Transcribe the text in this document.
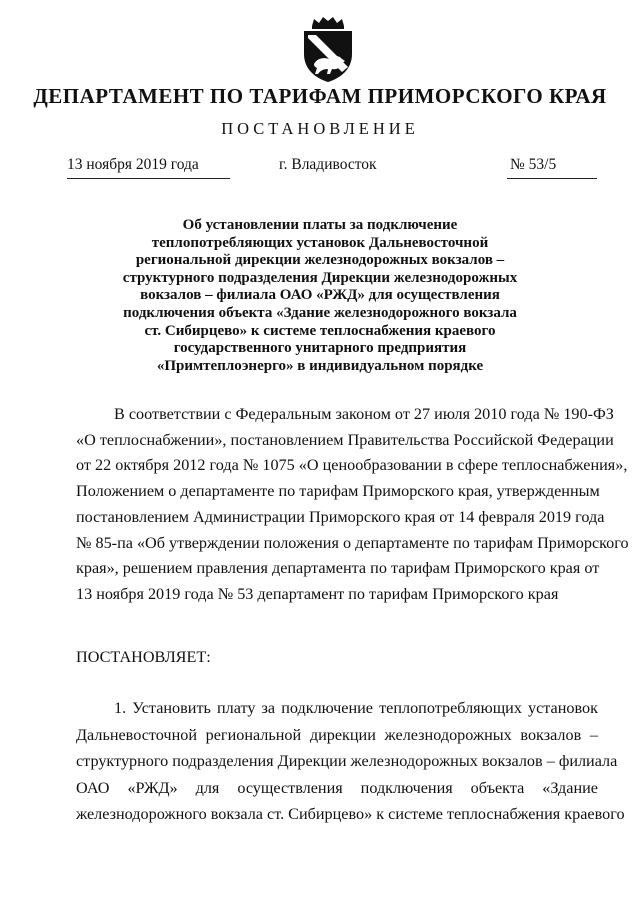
ДЕПАРТАМЕНТ ПО ТАРИФАМ ПРИМОРСКОГО КРАЯ
ПОСТАНОВЛЕНИЕ
13 ноября 2019 года	г. Владивосток	№ 53/5
Об установлении платы за подключение
теплопотребляющих установок Дальневосточной
региональной дирекции железнодорожных вокзалов –
структурного подразделения Дирекции железнодорожных
вокзалов – филиала ОАО «РЖД» для осуществления
подключения объекта «Здание железнодорожного вокзала
ст. Сибирцево» к системе теплоснабжения краевого
государственного унитарного предприятия
«Примтеплоэнерго» в индивидуальном порядке
В соответствии с Федеральным законом от 27 июля 2010 года № 190-ФЗ
«О теплоснабжении», постановлением Правительства Российской Федерации
от 22 октября 2012 года № 1075 «О ценообразовании в сфере теплоснабжения»,
Положением о департаменте по тарифам Приморского края, утвержденным
постановлением Администрации Приморского края от 14 февраля 2019 года
№ 85-па «Об утверждении положения о департаменте по тарифам Приморского
края», решением правления департамента по тарифам Приморского края от
13 ноября 2019 года № 53 департамент по тарифам Приморского края
ПОСТАНОВЛЯЕТ:
1. Установить плату за подключение теплопотребляющих установок
Дальневосточной региональной дирекции железнодорожных вокзалов –
структурного подразделения Дирекции железнодорожных вокзалов – филиала
ОАО «РЖД» для осуществления подключения объекта «Здание
железнодорожного вокзала ст. Сибирцево» к системе теплоснабжения краевого
